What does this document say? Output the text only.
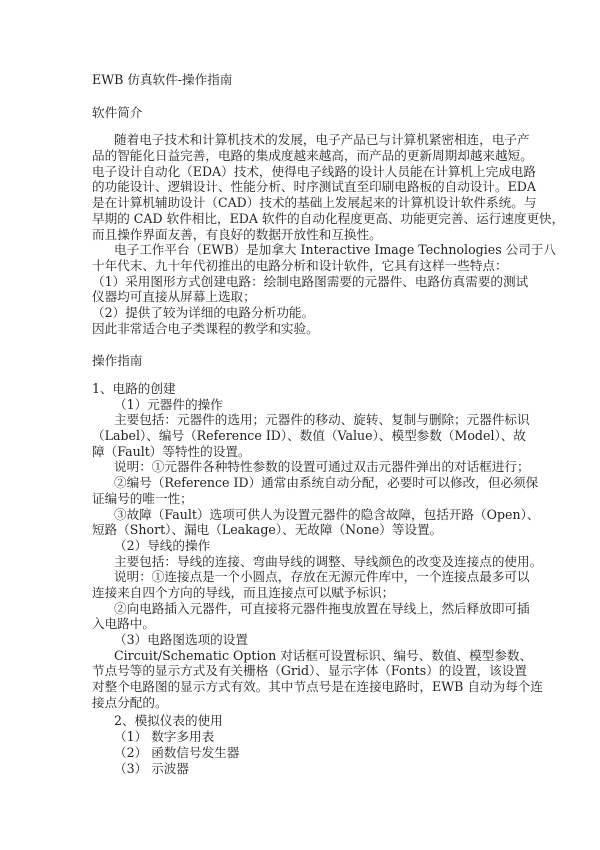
EWB 仿真软件-操作指南
软件简介
随着电子技术和计算机技术的发展，电子产品已与计算机紧密相连，电子产
品的智能化日益完善，电路的集成度越来越高，而产品的更新周期却越来越短。
电子设计自动化（EDA）技术，使得电子线路的设计人员能在计算机上完成电路
的功能设计、逻辑设计、性能分析、时序测试直至印刷电路板的自动设计。EDA
是在计算机辅助设计（CAD）技术的基础上发展起来的计算机设计软件系统。与
早期的 CAD 软件相比，EDA 软件的自动化程度更高、功能更完善、运行速度更快，
而且操作界面友善，有良好的数据开放性和互换性。
电子工作平台（EWB）是加拿大 Interactive Image Technologies 公司于八
十年代末、九十年代初推出的电路分析和设计软件，它具有这样一些特点：
（1）采用图形方式创建电路：绘制电路图需要的元器件、电路仿真需要的测试
仪器均可直接从屏幕上选取；
（2）提供了较为详细的电路分析功能。
因此非常适合电子类课程的教学和实验。
操作指南
1、电路的创建
（1）元器件的操作
主要包括：元器件的选用；元器件的移动、旋转、复制与删除；元器件标识
（Label）、编号（Reference ID）、数值（Value）、模型参数（Model）、故
障（Fault）等特性的设置。
说明：①元器件各种特性参数的设置可通过双击元器件弹出的对话框进行；
②编号（Reference ID）通常由系统自动分配，必要时可以修改，但必须保
证编号的唯一性；
③故障（Fault）选项可供人为设置元器件的隐含故障，包括开路（Open）、
短路（Short）、漏电（Leakage）、无故障（None）等设置。
（2）导线的操作
主要包括：导线的连接、弯曲导线的调整、导线颜色的改变及连接点的使用。
说明：①连接点是一个小圆点，存放在无源元件库中，一个连接点最多可以
连接来自四个方向的导线，而且连接点可以赋予标识；
②向电路插入元器件，可直接将元器件拖曳放置在导线上，然后释放即可插
入电路中。
（3）电路图选项的设置
Circuit/Schematic Option 对话框可设置标识、编号、数值、模型参数、
节点号等的显示方式及有关栅格（Grid）、显示字体（Fonts）的设置，该设置
对整个电路图的显示方式有效。其中节点号是在连接电路时，EWB 自动为每个连
接点分配的。
2、模拟仪表的使用
（1） 数字多用表
（2） 函数信号发生器
（3） 示波器
